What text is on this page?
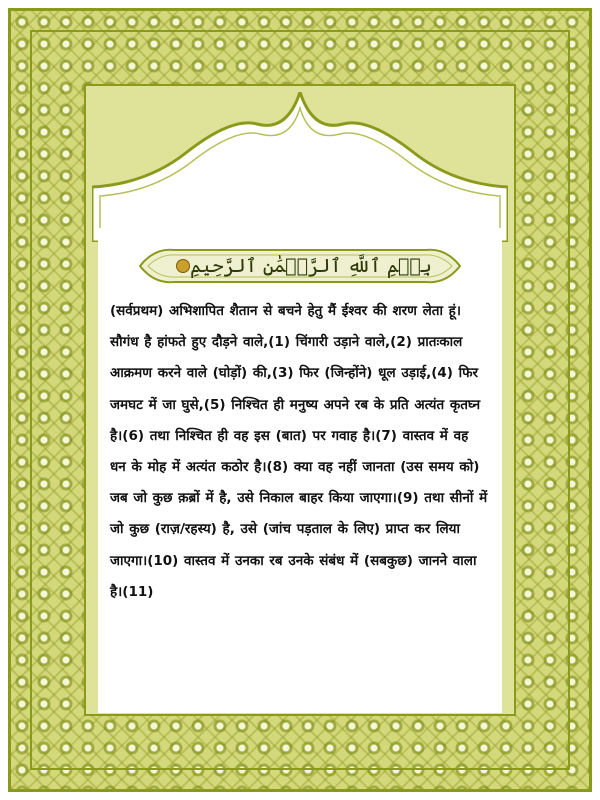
بِسۡمِ ٱللَّهِ ٱلرَّحۡمَٰنِ ٱلرَّحِيمِ

(सर्वप्रथम) अभिशापित शैतान से बचने हेतु मैं ईश्वर की शरण लेता हूं। सौगंध है हांफते हुए दौड़ने वाले,(1) चिंगारी उड़ाने वाले,(2) प्रातःकाल आक्रमण करने वाले (घोड़ों) की,(3) फिर (जिन्होंने) धूल उड़ाई,(4) फिर जमघट में जा घुसे,(5) निश्चित ही मनुष्य अपने रब के प्रति अत्यंत कृतघ्न है।(6) तथा निश्चित ही वह इस (बात) पर गवाह है।(7) वास्तव में वह धन के मोह में अत्यंत कठोर है।(8) क्या वह नहीं जानता (उस समय को) जब जो कुछ क़ब्रों में है, उसे निकाल बाहर किया जाएगा।(9) तथा सीनों में जो कुछ (राज़/रहस्य) है, उसे (जांच पड़ताल के लिए) प्राप्त कर लिया जाएगा।(10) वास्तव में उनका रब उनके संबंध में (सबकुछ) जानने वाला है।(11)
